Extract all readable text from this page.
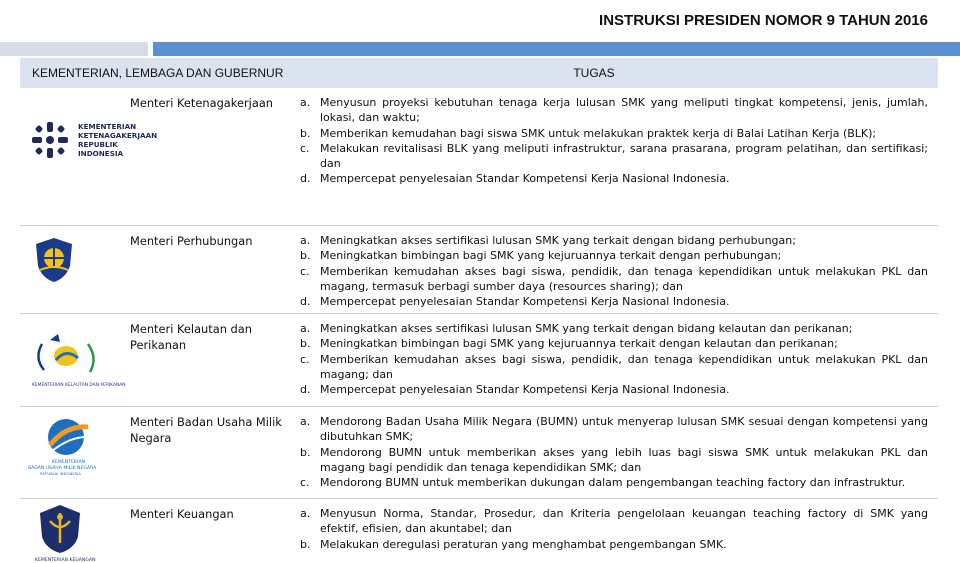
INSTRUKSI PRESIDEN NOMOR 9 TAHUN 2016
KEMENTERIAN, LEMBAGA DAN GUBERNUR	TUGAS
KEMENTERIAN
KETENAGAKERJAAN
REPUBLIK
INDONESIA
Menteri Ketenagakerjaan	a. Menyusun proyeksi kebutuhan tenaga kerja lulusan SMK yang meliputi tingkat kompetensi, jenis, jumlah, lokasi, dan waktu;
b. Memberikan kemudahan bagi siswa SMK untuk melakukan praktek kerja di Balai Latihan Kerja (BLK);
c. Melakukan revitalisasi BLK yang meliputi infrastruktur, sarana prasarana, program pelatihan, dan sertifikasi; dan
d. Mempercepat penyelesaian Standar Kompetensi Kerja Nasional Indonesia.
Menteri Perhubungan	a. Meningkatkan akses sertifikasi lulusan SMK yang terkait dengan bidang perhubungan;
b. Meningkatkan bimbingan bagi SMK yang kejuruannya terkait dengan perhubungan;
c. Memberikan kemudahan akses bagi siswa, pendidik, dan tenaga kependidikan untuk melakukan PKL dan magang, termasuk berbagi sumber daya (resources sharing); dan
d. Mempercepat penyelesaian Standar Kompetensi Kerja Nasional Indonesia.
KEMENTERIAN KELAUTAN DAN PERIKANAN
Menteri Kelautan dan Perikanan
a. Meningkatkan akses sertifikasi lulusan SMK yang terkait dengan bidang kelautan dan perikanan;
b. Meningkatkan bimbingan bagi SMK yang kejuruannya terkait dengan kelautan dan perikanan;
c. Memberikan kemudahan akses bagi siswa, pendidik, dan tenaga kependidikan untuk melakukan PKL dan magang; dan
d. Mempercepat penyelesaian Standar Kompetensi Kerja Nasional Indonesia.
KEMENTERIAN
BADAN USAHA MILIK NEGARA
REPUBLIK INDONESIA
Menteri Badan Usaha Milik Negara
a. Mendorong Badan Usaha Milik Negara (BUMN) untuk menyerap lulusan SMK sesuai dengan kompetensi yang dibutuhkan SMK;
b. Mendorong BUMN untuk memberikan akses yang lebih luas bagi siswa SMK untuk melakukan PKL dan magang bagi pendidik dan tenaga kependidikan SMK; dan
c. Mendorong BUMN untuk memberikan dukungan dalam pengembangan teaching factory dan infrastruktur.
KEMENTERIAN KEUANGAN
Menteri Keuangan	a. Menyusun Norma, Standar, Prosedur, dan Kriteria pengelolaan keuangan teaching factory di SMK yang efektif, efisien, dan akuntabel; dan
b. Melakukan deregulasi peraturan yang menghambat pengembangan SMK.
